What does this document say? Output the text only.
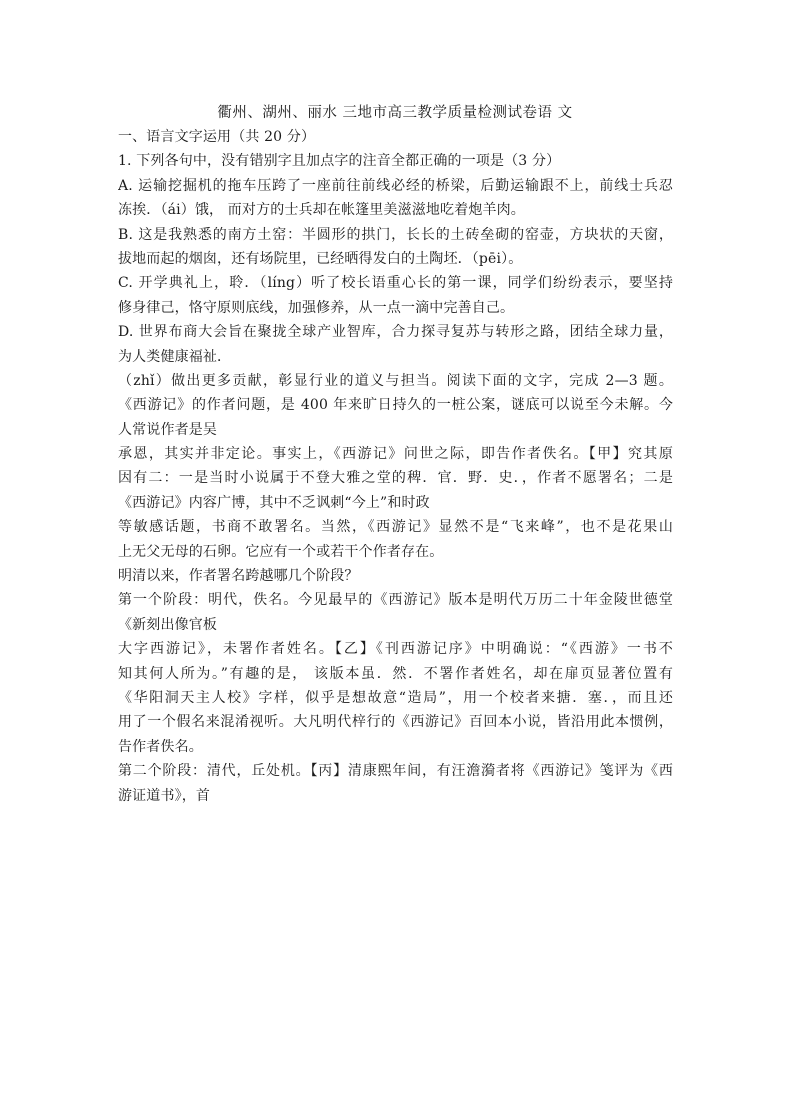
衢州、湖州、丽水 三地市高三教学质量检测试卷语 文
一、语言文字运用（共 20 分）
1. 下列各句中，没有错别字且加点字的注音全都正确的一项是（3 分）
A. 运输挖掘机的拖车压跨了一座前往前线必经的桥梁，后勤运输跟不上，前线士兵忍
冻挨．（ái）饿， 而对方的士兵却在帐篷里美滋滋地吃着炮羊肉。
B. 这是我熟悉的南方土窑：半圆形的拱门，长长的土砖垒砌的窑壶，方块状的天窗，
拔地而起的烟囱，还有场院里，已经晒得发白的土陶坯．（pēi）。
C. 开学典礼上，聆．（líng）听了校长语重心长的第一课，同学们纷纷表示，要坚持
修身律己，恪守原则底线，加强修养，从一点一滴中完善自己。
D. 世界布商大会旨在聚拢全球产业智库，合力探寻复苏与转形之路，团结全球力量，
为人类健康福祉．
（zhǐ）做出更多贡献，彰显行业的道义与担当。阅读下面的文字，完成 2—3 题。
《西游记》的作者问题，是 400 年来旷日持久的一桩公案，谜底可以说至今未解。今
人常说作者是吴
承恩，其实并非定论。事实上，《西游记》问世之际，即告作者佚名。【甲】究其原
因有二：一是当时小说属于不登大雅之堂的稗．官．野．史．，作者不愿署名；二是
《西游记》内容广博，其中不乏讽刺“今上”和时政
等敏感话题，书商不敢署名。当然，《西游记》显然不是“飞来峰”，也不是花果山
上无父无母的石卵。它应有一个或若干个作者存在。
明清以来，作者署名跨越哪几个阶段？
第一个阶段：明代，佚名。今见最早的《西游记》版本是明代万历二十年金陵世德堂
《新刻出像官板
大字西游记》，未署作者姓名。【乙】《刊西游记序》中明确说：“《西游》一书不
知其何人所为。”有趣的是， 该版本虽．然．不署作者姓名，却在扉页显著位置有
《华阳洞天主人校》字样，似乎是想故意“造局”，用一个校者来搪．塞．，而且还
用了一个假名来混淆视听。大凡明代梓行的《西游记》百回本小说，皆沿用此本惯例，
告作者佚名。
第二个阶段：清代，丘处机。【丙】清康熙年间，有汪澹漪者将《西游记》笺评为《西
游证道书》，首
